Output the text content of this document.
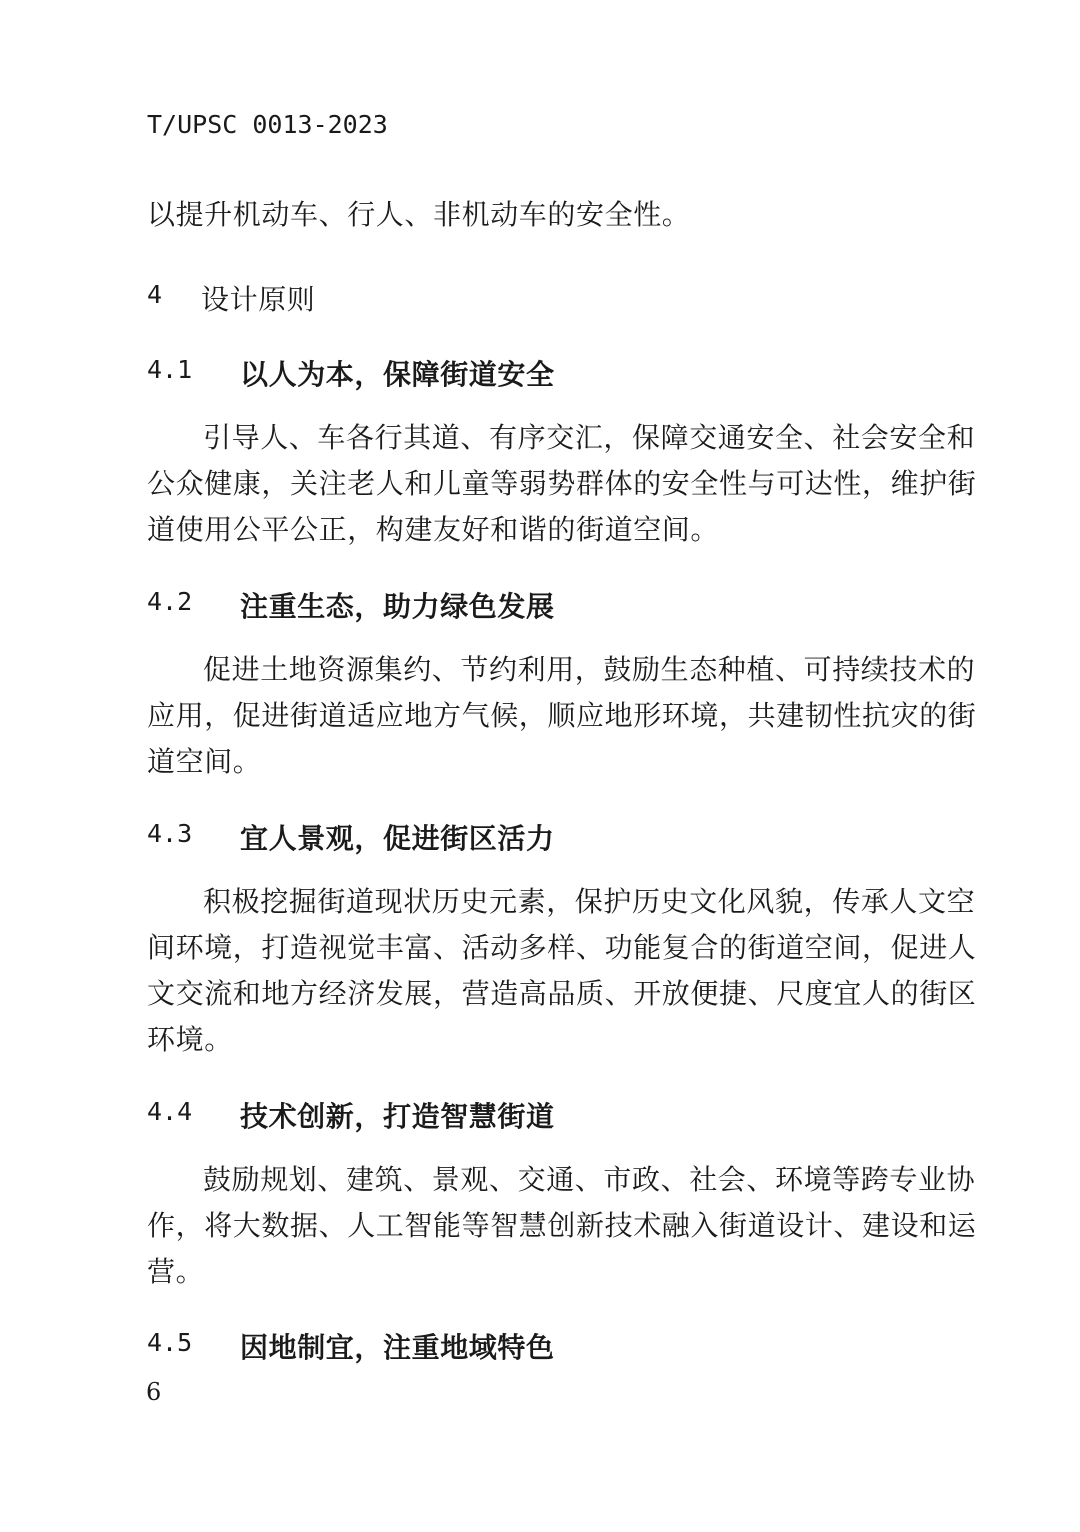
T/UPSC 0013-2023
以提升机动车、行人、非机动车的安全性。
4 设计原则
4.1 以人为本，保障街道安全
引导人、车各行其道、有序交汇，保障交通安全、社会安全和
公众健康，关注老人和儿童等弱势群体的安全性与可达性，维护街
道使用公平公正，构建友好和谐的街道空间。
4.2 注重生态，助力绿色发展
促进土地资源集约、节约利用，鼓励生态种植、可持续技术的
应用，促进街道适应地方气候，顺应地形环境，共建韧性抗灾的街
道空间。
4.3 宜人景观，促进街区活力
积极挖掘街道现状历史元素，保护历史文化风貌，传承人文空
间环境，打造视觉丰富、活动多样、功能复合的街道空间，促进人
文交流和地方经济发展，营造高品质、开放便捷、尺度宜人的街区
环境。
4.4 技术创新，打造智慧街道
鼓励规划、建筑、景观、交通、市政、社会、环境等跨专业协
作，将大数据、人工智能等智慧创新技术融入街道设计、建设和运
营。
4.5 因地制宜，注重地域特色
6
